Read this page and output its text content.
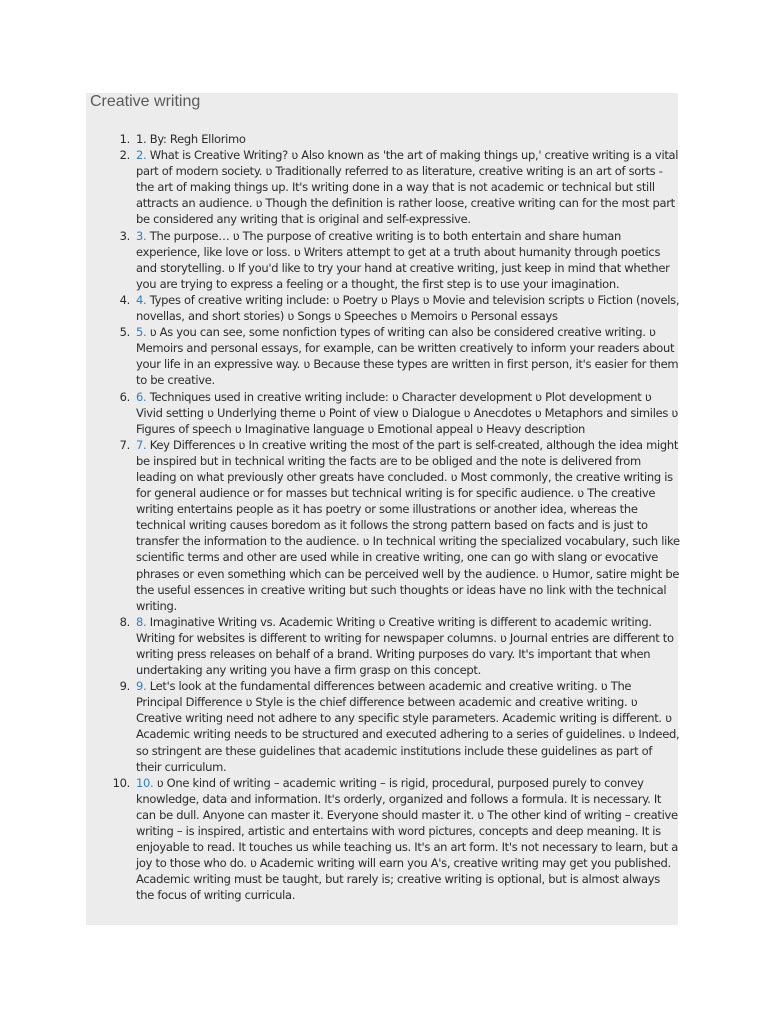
Creative writing
1. 1. By: Regh Ellorimo
2. 2. What is Creative Writing? ʋ Also known as 'the art of making things up,' creative writing is a vital part of modern society. ʋ Traditionally referred to as literature, creative writing is an art of sorts - the art of making things up. It's writing done in a way that is not academic or technical but still attracts an audience. ʋ Though the definition is rather loose, creative writing can for the most part be considered any writing that is original and self-expressive.
3. 3. The purpose… ʋ The purpose of creative writing is to both entertain and share human experience, like love or loss. ʋ Writers attempt to get at a truth about humanity through poetics and storytelling. ʋ If you'd like to try your hand at creative writing, just keep in mind that whether you are trying to express a feeling or a thought, the first step is to use your imagination.
4. 4. Types of creative writing include: ʋ Poetry ʋ Plays ʋ Movie and television scripts ʋ Fiction (novels, novellas, and short stories) ʋ Songs ʋ Speeches ʋ Memoirs ʋ Personal essays
5. 5. ʋ As you can see, some nonfiction types of writing can also be considered creative writing. ʋ Memoirs and personal essays, for example, can be written creatively to inform your readers about your life in an expressive way. ʋ Because these types are written in first person, it's easier for them to be creative.
6. 6. Techniques used in creative writing include: ʋ Character development ʋ Plot development ʋ Vivid setting ʋ Underlying theme ʋ Point of view ʋ Dialogue ʋ Anecdotes ʋ Metaphors and similes ʋ Figures of speech ʋ Imaginative language ʋ Emotional appeal ʋ Heavy description
7. 7. Key Differences ʋ In creative writing the most of the part is self-created, although the idea might be inspired but in technical writing the facts are to be obliged and the note is delivered from leading on what previously other greats have concluded. ʋ Most commonly, the creative writing is for general audience or for masses but technical writing is for specific audience. ʋ The creative writing entertains people as it has poetry or some illustrations or another idea, whereas the technical writing causes boredom as it follows the strong pattern based on facts and is just to transfer the information to the audience. ʋ In technical writing the specialized vocabulary, such like scientific terms and other are used while in creative writing, one can go with slang or evocative phrases or even something which can be perceived well by the audience. ʋ Humor, satire might be the useful essences in creative writing but such thoughts or ideas have no link with the technical writing.
8. 8. Imaginative Writing vs. Academic Writing ʋ Creative writing is different to academic writing. Writing for websites is different to writing for newspaper columns. ʋ Journal entries are different to writing press releases on behalf of a brand. Writing purposes do vary. It's important that when undertaking any writing you have a firm grasp on this concept.
9. 9. Let's look at the fundamental differences between academic and creative writing. ʋ The Principal Difference ʋ Style is the chief difference between academic and creative writing. ʋ Creative writing need not adhere to any specific style parameters. Academic writing is different. ʋ Academic writing needs to be structured and executed adhering to a series of guidelines. ʋ Indeed, so stringent are these guidelines that academic institutions include these guidelines as part of their curriculum.
10. 10. ʋ One kind of writing – academic writing – is rigid, procedural, purposed purely to convey knowledge, data and information. It's orderly, organized and follows a formula. It is necessary. It can be dull. Anyone can master it. Everyone should master it. ʋ The other kind of writing – creative writing – is inspired, artistic and entertains with word pictures, concepts and deep meaning. It is enjoyable to read. It touches us while teaching us. It's an art form. It's not necessary to learn, but a joy to those who do. ʋ Academic writing will earn you A's, creative writing may get you published. Academic writing must be taught, but rarely is; creative writing is optional, but is almost always the focus of writing curricula.
